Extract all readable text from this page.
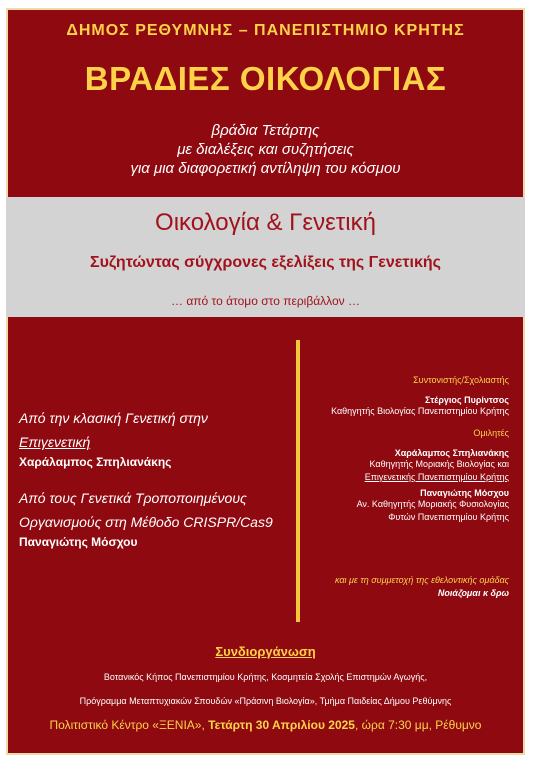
ΔΗΜΟΣ ΡΕΘΥΜΝΗΣ – ΠΑΝΕΠΙΣΤΗΜΙΟ ΚΡΗΤΗΣ
ΒΡΑΔΙΕΣ ΟΙΚΟΛΟΓΙΑΣ
βράδια Τετάρτης
με διαλέξεις και συζητήσεις
για μια διαφορετική αντίληψη του κόσμου
Οικολογία & Γενετική
Συζητώντας σύγχρονες εξελίξεις της Γενετικής
… από το άτομο στο περιβάλλον …
Από την κλασική Γενετική στην
Επιγενετική
Χαράλαμπος Σπηλιανάκης
Από τους Γενετικά Τροποποιημένους
Οργανισμούς στη Μέθοδο CRISPR/Cas9
Παναγιώτης Μόσχου
Συντονιστής/Σχολιαστής
Στέργιος Πυρίντσος
Καθηγητής Βιολογίας Πανεπιστημίου Κρήτης
Ομιλητές
Χαράλαμπος Σπηλιανάκης
Καθηγητής Μοριακής Βιολογίας και
Επιγενετικής Πανεπιστημίου Κρήτης
Παναγιώτης Μόσχου
Αν. Καθηγητής Μοριακής Φυσιολογίας
Φυτών Πανεπιστημίου Κρήτης
και με τη συμμετοχή της εθελοντικής ομάδας
Νοιάζομαι κ δρω
Συνδιοργάνωση
Βοτανικός Κήπος Πανεπιστημίου Κρήτης, Κοσμητεία Σχολής Επιστημών Αγωγής,
Πρόγραμμα Μεταπτυχιακών Σπουδών «Πράσινη Βιολογία», Τμήμα Παιδείας Δήμου Ρεθύμνης
Πολιτιστικό Κέντρο «ΞΕΝΙΑ», Τετάρτη 30 Απριλίου 2025, ώρα 7:30 μμ, Ρέθυμνο
